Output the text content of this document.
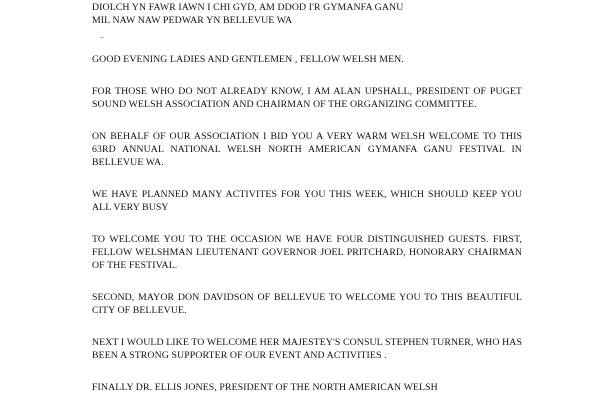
DIOLCH YN FAWR IAWN I CHI GYD, AM DDOD I'R GYMANFA GANU
MIL NAW NAW PEDWAR YN BELLEVUE WA
̱

GOOD EVENING LADIES AND GENTLEMEN , FELLOW WELSH MEN.

FOR THOSE WHO DO NOT ALREADY KNOW, I AM ALAN UPSHALL, PRESIDENT OF PUGET SOUND WELSH ASSOCIATION AND CHAIRMAN OF THE ORGANIZING COMMITTEE.

ON BEHALF OF OUR ASSOCIATION I BID YOU A VERY WARM WELSH WELCOME TO THIS 63RD ANNUAL NATIONAL WELSH NORTH AMERICAN GYMANFA GANU FESTIVAL IN BELLEVUE WA.

WE HAVE PLANNED MANY ACTIVITES FOR YOU THIS WEEK, WHICH SHOULD KEEP YOU ALL VERY BUSY

TO WELCOME YOU TO THE OCCASION WE HAVE FOUR DISTINGUISHED GUESTS. FIRST, FELLOW WELSHMAN LIEUTENANT GOVERNOR JOEL PRITCHARD, HONORARY CHAIRMAN OF THE FESTIVAL.

SECOND, MAYOR DON DAVIDSON OF BELLEVUE TO WELCOME YOU TO THIS BEAUTIFUL CITY OF BELLEVUE.

NEXT I WOULD LIKE TO WELCOME HER MAJESTEY'S CONSUL STEPHEN TURNER, WHO HAS BEEN A STRONG SUPPORTER OF OUR EVENT AND ACTIVITIES .

FINALLY DR. ELLIS JONES, PRESIDENT OF THE NORTH AMERICAN WELSH
